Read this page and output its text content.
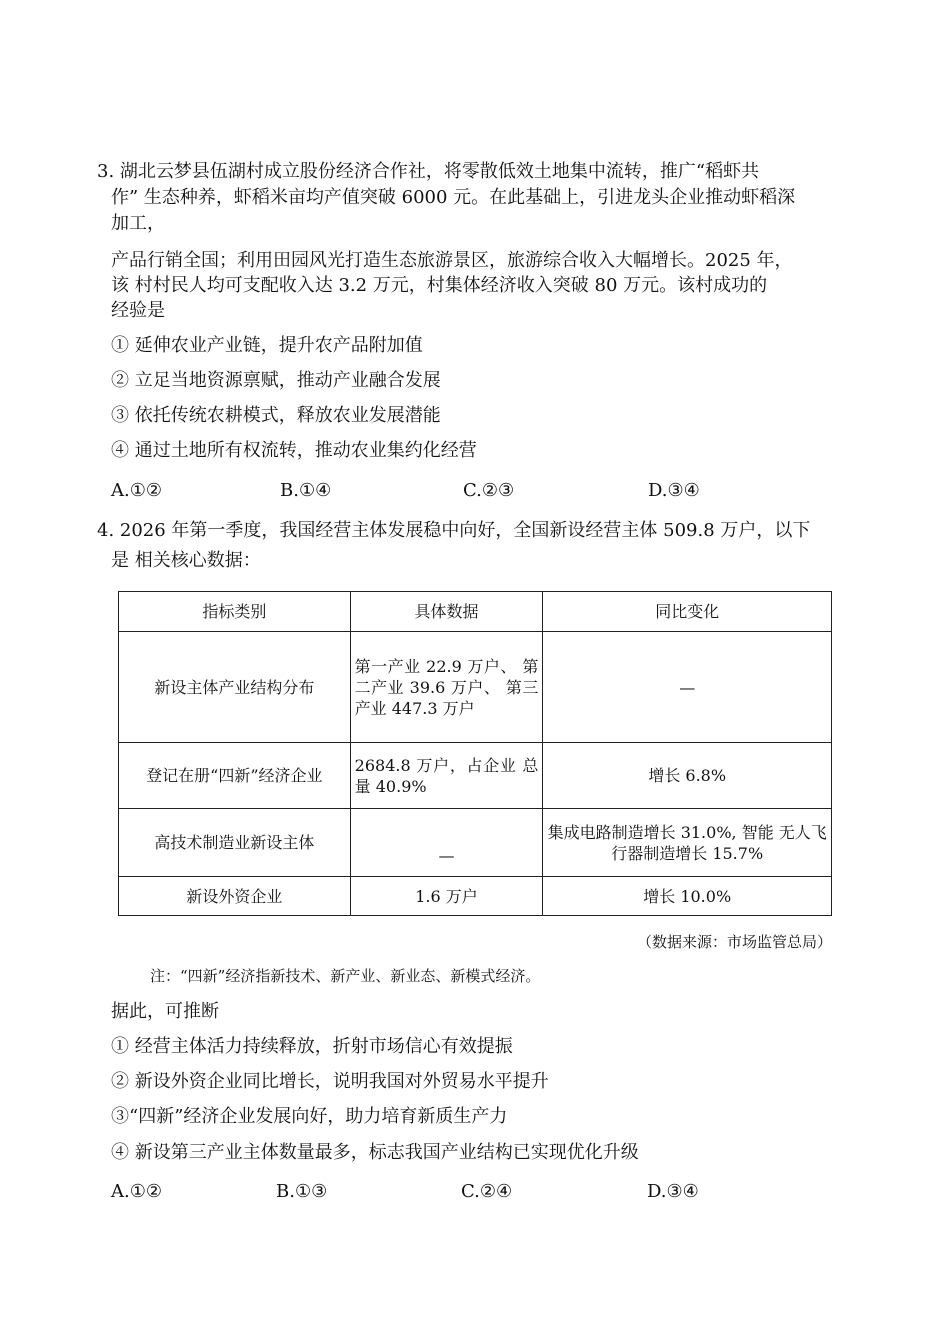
3. 湖北云梦县伍湖村成立股份经济合作社，将零散低效土地集中流转，推广“稻虾共
作” 生态种养，虾稻米亩均产值突破 6000 元。在此基础上，引进龙头企业推动虾稻深
加工，
产品行销全国；利用田园风光打造生态旅游景区，旅游综合收入大幅增长。2025 年，
该 村村民人均可支配收入达 3.2 万元，村集体经济收入突破 80 万元。该村成功的
经验是
① 延伸农业产业链，提升农产品附加值
② 立足当地资源禀赋，推动产业融合发展
③ 依托传统农耕模式，释放农业发展潜能
④ 通过土地所有权流转，推动农业集约化经营
A.①②	B.①④	C.②③	D.③④
4. 2026 年第一季度，我国经营主体发展稳中向好，全国新设经营主体 509.8 万户，以下
是 相关核心数据：
指标类别	具体数据	同比变化
新设主体产业结构分布	第一产业 22.9 万户、 第二产业 39.6 万户、 第三产业 447.3 万户	—
登记在册“四新”经济企业	2684.8 万户，占企业 总量 40.9%	增长 6.8%
高技术制造业新设主体	—	集成电路制造增长 31.0%, 智能 无人飞行器制造增长 15.7%
新设外资企业	1.6 万户	增长 10.0%
（数据来源：市场监管总局）
注：“四新”经济指新技术、新产业、新业态、新模式经济。
据此，可推断
① 经营主体活力持续释放，折射市场信心有效提振
② 新设外资企业同比增长，说明我国对外贸易水平提升
③“四新”经济企业发展向好，助力培育新质生产力
④ 新设第三产业主体数量最多，标志我国产业结构已实现优化升级
A.①②	B.①③	C.②④	D.③④
